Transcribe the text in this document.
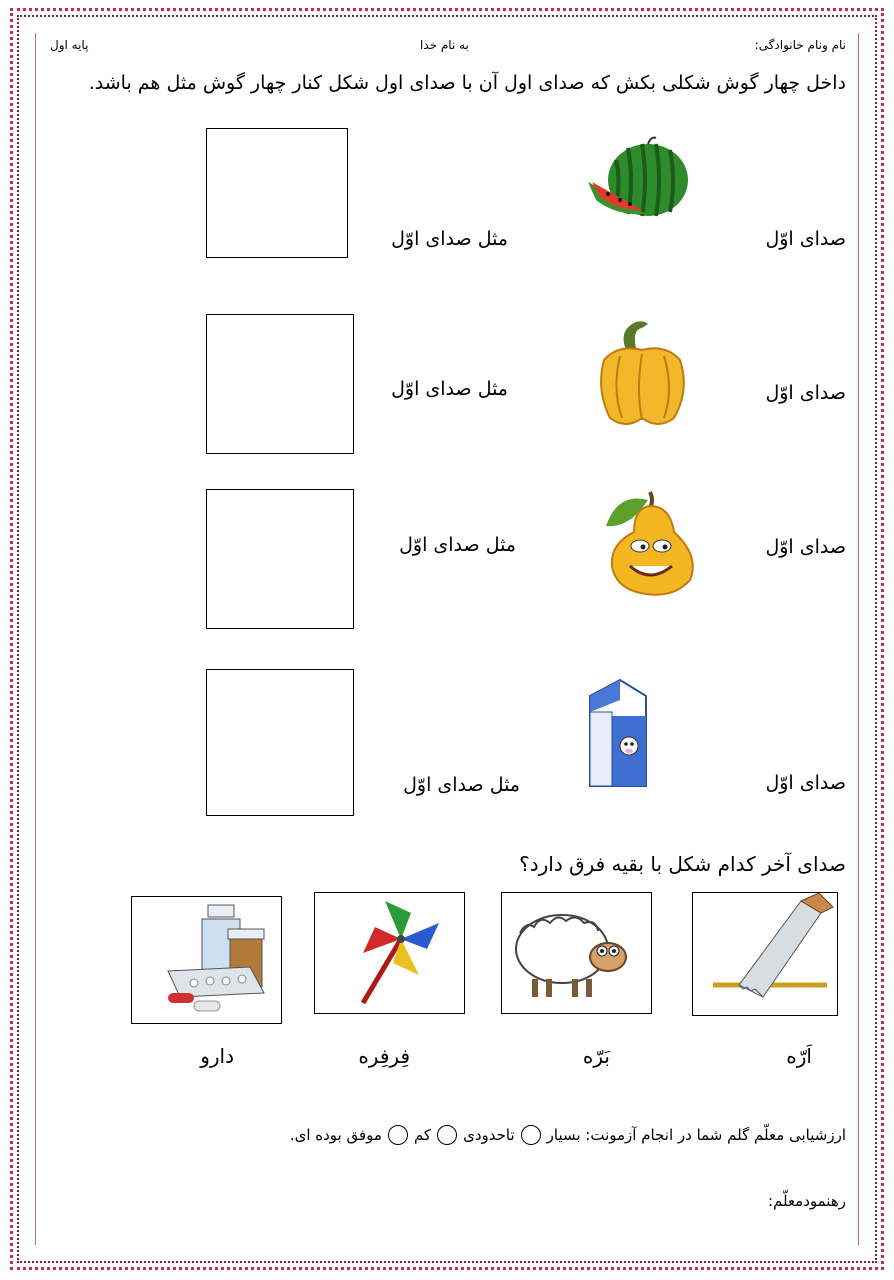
نام ونام خانوادگی:
به نام خدا
پایه اول
داخل چهار گوش شکلی بکش که صدای اول آن با صدای اول شکل کنار چهار گوش مثل هم باشد.
صدای اوّل
مثل صدای اوّل
صدای اوّل
مثل صدای اوّل
صدای اوّل
مثل صدای اوّل
صدای اوّل
مثل صدای اوّل
صدای آخر کدام شکل با بقیه فرق دارد؟
اَرّه
بَرّه
فِرفِره
دارو
ارزشیابی معلّم گلم شما در انجام آزمونت: بسیار
تاحدودی
کم
موفق بوده ای.
رهنمودمعلّم:
